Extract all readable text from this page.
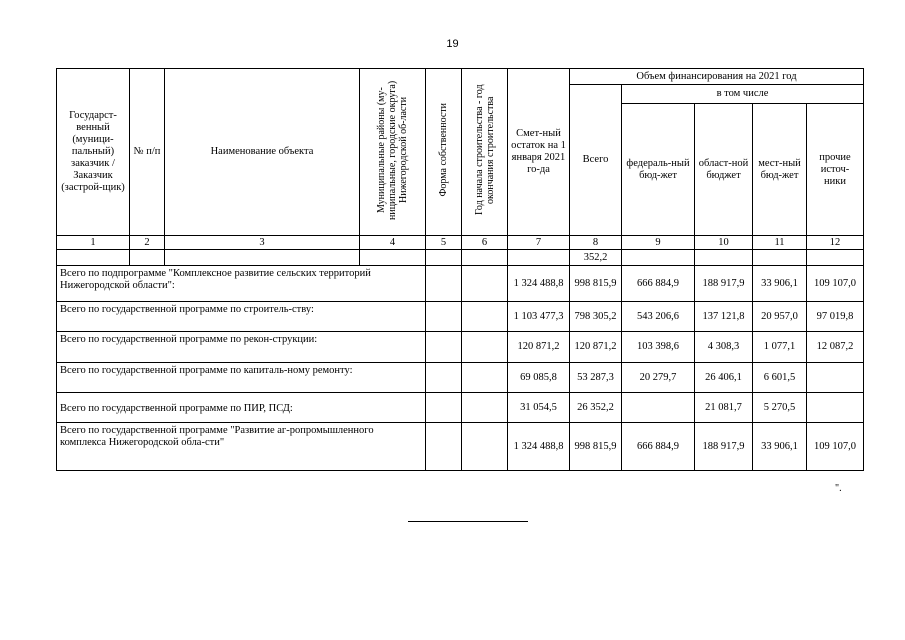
19
Государст-венный (муници-пальный) заказчик / Заказчик (застрой-щик)	№ п/п	Наименование объекта	Муниципальные районы (му-ниципальные, городские округа) Нижегородской об-ласти	Форма собственности	Год начала строительства - год окончания строительства	Смет-ный остаток на 1 января 2021 го-да	Объем финансирования на 2021 год				
							Всего	в том числе			
								федераль-ный бюд-жет	област-ной бюджет	мест-ный бюд-жет	прочие источ-ники
1	2	3	4	5	6	7	8	9	10	11	12
							352,2				
Всего по подпрограмме "Комплексное развитие сельских территорий Нижегородской области":						1 324 488,8	998 815,9	666 884,9	188 917,9	33 906,1	109 107,0
Всего по государственной программе по строитель-ству:						1 103 477,3	798 305,2	543 206,6	137 121,8	20 957,0	97 019,8
Всего по государственной программе по рекон-струкции:						120 871,2	120 871,2	103 398,6	4 308,3	1 077,1	12 087,2
Всего по государственной программе по капиталь-ному ремонту:						69 085,8	53 287,3	20 279,7	26 406,1	6 601,5	
Всего по государственной программе по ПИР, ПСД:						31 054,5	26 352,2		21 081,7	5 270,5	
Всего по государственной программе "Развитие аг-ропромышленного комплекса Нижегородской обла-сти"						1 324 488,8	998 815,9	666 884,9	188 917,9	33 906,1	109 107,0
".
